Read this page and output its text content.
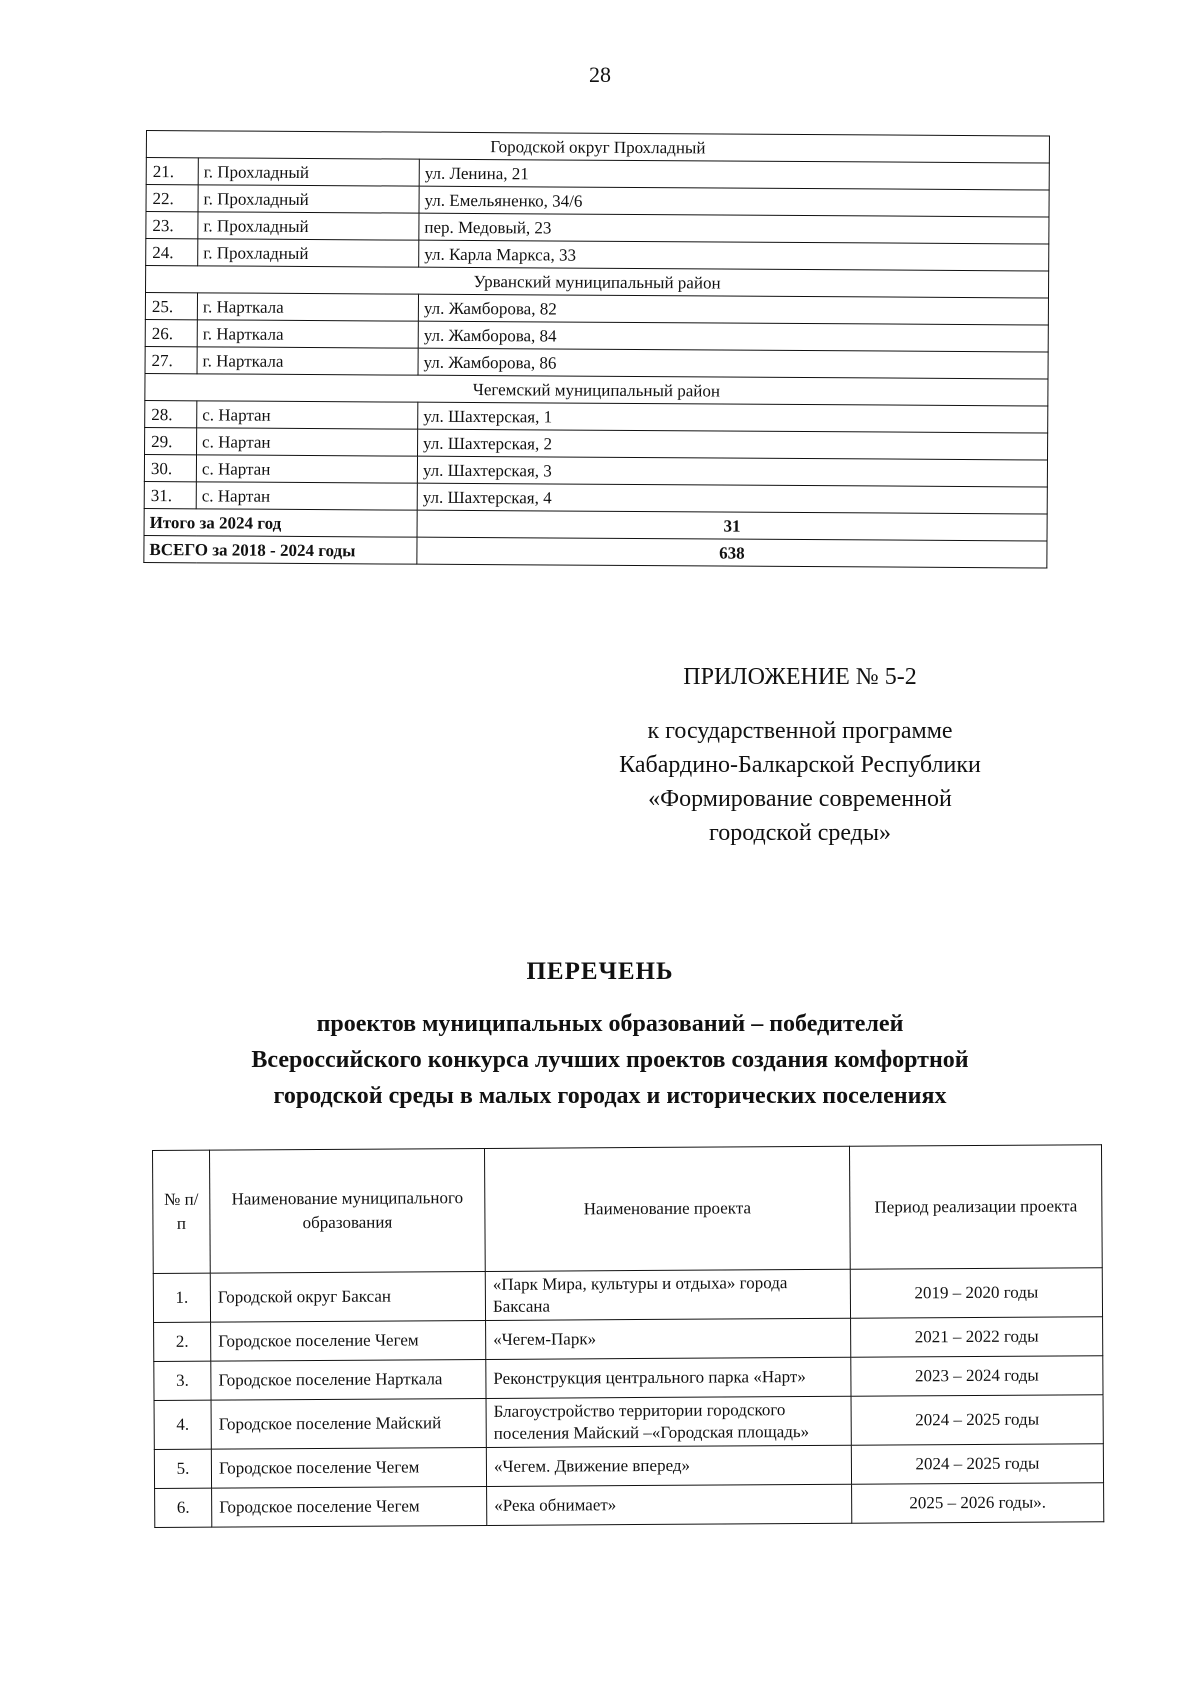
28
Городской округ Прохладный		
21.	г. Прохладный	ул. Ленина, 21
22.	г. Прохладный	ул. Емельяненко, 34/6
23.	г. Прохладный	пер. Медовый, 23
24.	г. Прохладный	ул. Карла Маркса, 33
Урванский муниципальный район		
25.	г. Нарткала	ул. Жамборова, 82
26.	г. Нарткала	ул. Жамборова, 84
27.	г. Нарткала	ул. Жамборова, 86
Чегемский муниципальный район		
28.	с. Нартан	ул. Шахтерская, 1
29.	с. Нартан	ул. Шахтерская, 2
30.	с. Нартан	ул. Шахтерская, 3
31.	с. Нартан	ул. Шахтерская, 4
Итого за 2024 год		31
ВСЕГО за 2018 - 2024 годы		638
ПРИЛОЖЕНИЕ № 5-2
к государственной программе
Кабардино-Балкарской Республики
«Формирование современной
городской среды»
ПЕРЕЧЕНЬ
проектов муниципальных образований – победителей
Всероссийского конкурса лучших проектов создания комфортной
городской среды в малых городах и исторических поселениях
№ п/п	Наименование муниципального образования	Наименование проекта	Период реализации проекта
1.	Городской округ Баксан	«Парк Мира, культуры и отдыха» города Баксана	2019 – 2020 годы
2.	Городское поселение Чегем	«Чегем-Парк»	2021 – 2022 годы
3.	Городское поселение Нарткала	Реконструкция центрального парка «Нарт»	2023 – 2024 годы
4.	Городское поселение Майский	Благоустройство территории городского поселения Майский –«Городская площадь»	2024 – 2025 годы
5.	Городское поселение Чегем	«Чегем. Движение вперед»	2024 – 2025 годы
6.	Городское поселение Чегем	«Река обнимает»	2025 – 2026 годы».
